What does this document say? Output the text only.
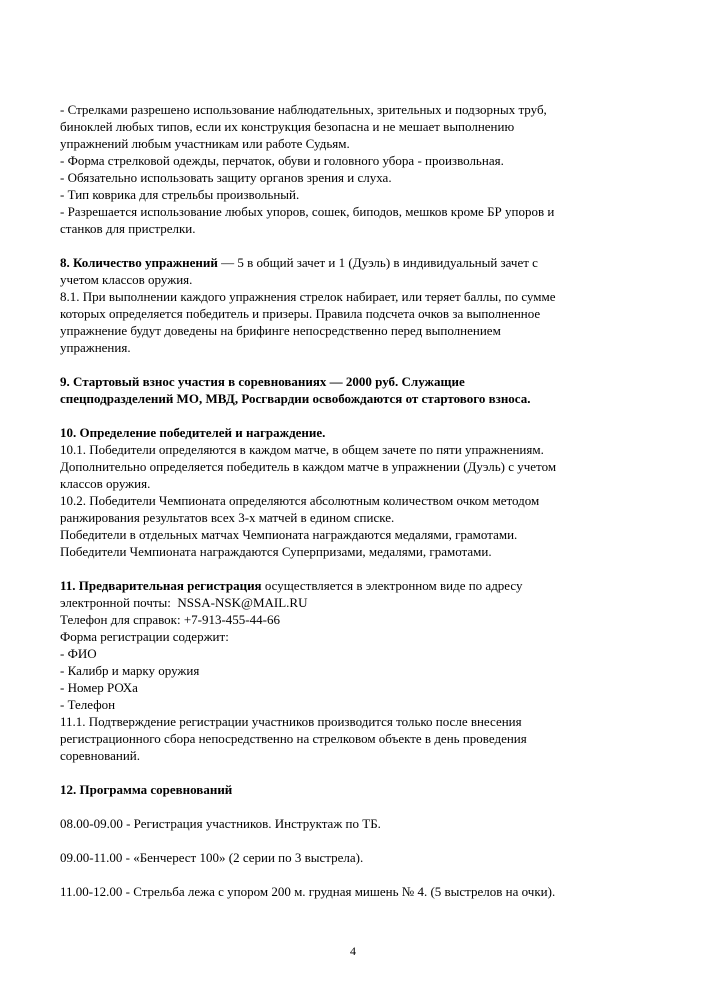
- Стрелками разрешено использование наблюдательных, зрительных и подзорных труб,
биноклей любых типов, если их конструкция безопасна и не мешает выполнению
упражнений любым участникам или работе Судьям.
- Форма стрелковой одежды, перчаток, обуви и головного убора - произвольная.
- Обязательно использовать защиту органов зрения и слуха.
- Тип коврика для стрельбы произвольный.
- Разрешается использование любых упоров, сошек, биподов, мешков кроме БР упоров и
станков для пристрелки.
8. Количество упражнений — 5 в общий зачет и 1 (Дуэль) в индивидуальный зачет с
учетом классов оружия.
8.1. При выполнении каждого упражнения стрелок набирает, или теряет баллы, по сумме
которых определяется победитель и призеры. Правила подсчета очков за выполненное
упражнение будут доведены на брифинге непосредственно перед выполнением
упражнения.
9. Стартовый взнос участия в соревнованиях — 2000 руб. Служащие
спецподразделений МО, МВД, Росгвардии освобождаются от стартового взноса.
10. Определение победителей и награждение.
10.1. Победители определяются в каждом матче, в общем зачете по пяти упражнениям.
Дополнительно определяется победитель в каждом матче в упражнении (Дуэль) с учетом
классов оружия.
10.2. Победители Чемпионата определяются абсолютным количеством очком методом
ранжирования результатов всех 3-х матчей в едином списке.
Победители в отдельных матчах Чемпионата награждаются медалями, грамотами.
Победители Чемпионата награждаются Суперпризами, медалями, грамотами.
11. Предварительная регистрация осуществляется в электронном виде по адресу
электронной почты:  NSSA-NSK@MAIL.RU
Телефон для справок: +7-913-455-44-66
Форма регистрации содержит:
- ФИО
- Калибр и марку оружия
- Номер РОХа
- Телефон
11.1. Подтверждение регистрации участников производится только после внесения
регистрационного сбора непосредственно на стрелковом объекте в день проведения
соревнований.
12. Программа соревнований
08.00-09.00 - Регистрация участников. Инструктаж по ТБ.
09.00-11.00 - «Бенчерест 100» (2 серии по 3 выстрела).
11.00-12.00 - Стрельба лежа с упором 200 м. грудная мишень № 4. (5 выстрелов на очки).
4
